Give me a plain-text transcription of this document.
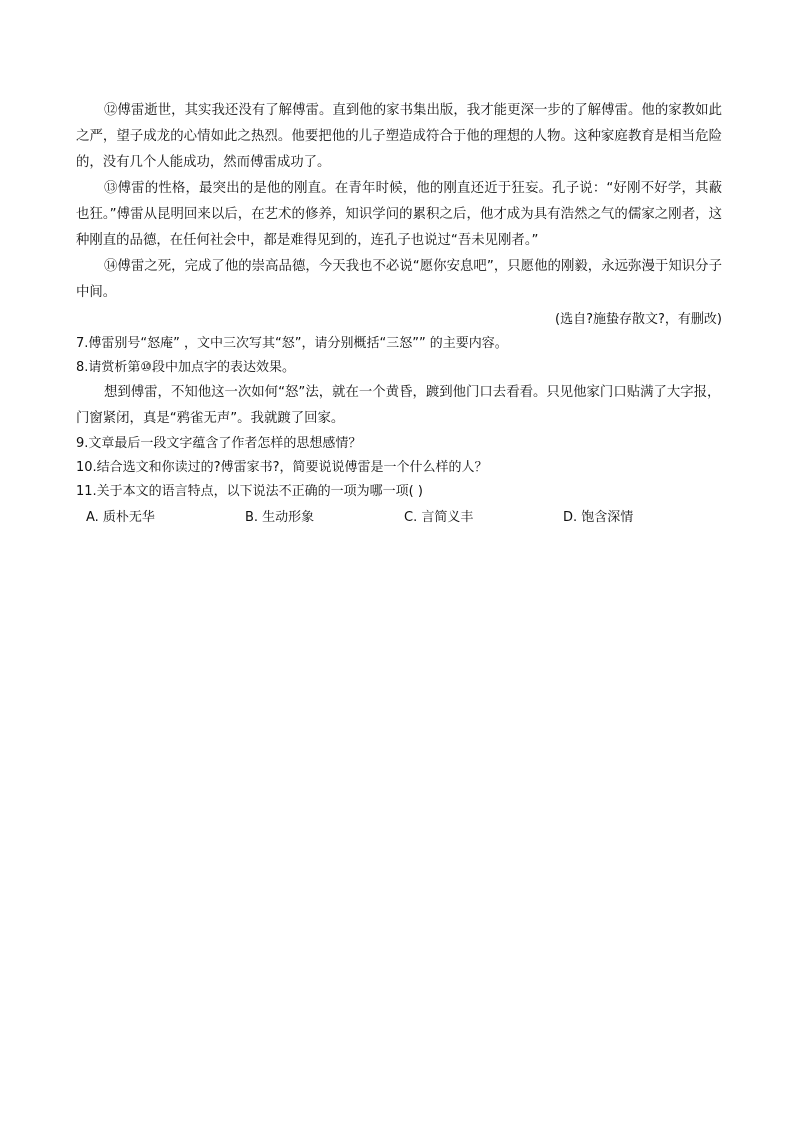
⑫傅雷逝世，其实我还没有了解傅雷。直到他的家书集出版，我才能更深一步的了解傅雷。他的家教如此之严，望子成龙的心情如此之热烈。他要把他的儿子塑造成符合于他的理想的人物。这种家庭教育是相当危险的，没有几个人能成功，然而傅雷成功了。

⑬傅雷的性格，最突出的是他的刚直。在青年时候，他的刚直还近于狂妄。孔子说：“好刚不好学，其蔽也狂。”傅雷从昆明回来以后，在艺术的修养，知识学问的累积之后，他才成为具有浩然之气的儒家之刚者，这种刚直的品德，在任何社会中，都是难得见到的，连孔子也说过“吾未见刚者。”

⑭傅雷之死，完成了他的崇高品德，今天我也不必说“愿你安息吧”，只愿他的刚毅，永远弥漫于知识分子中间。

(选自?施蛰存散文?，有删改)

7.傅雷别号“怒庵” ，文中三次写其“怒”，请分别概括“三怒”” 的主要内容。

8.请赏析第⑩段中加点字的表达效果。

想到傅雷，不知他这一次如何“怒”法，就在一个黄昏，踱到他门口去看看。只见他家门口贴满了大字报，门窗紧闭，真是“鸦雀无声”。我就踱了回家。

9.文章最后一段文字蕴含了作者怎样的思想感情？

10.结合选文和你读过的?傅雷家书?，简要说说傅雷是一个什么样的人？

11.关于本文的语言特点，以下说法不正确的一项为哪一项( )

A. 质朴无华	B. 生动形象	C. 言简义丰	D. 饱含深情
